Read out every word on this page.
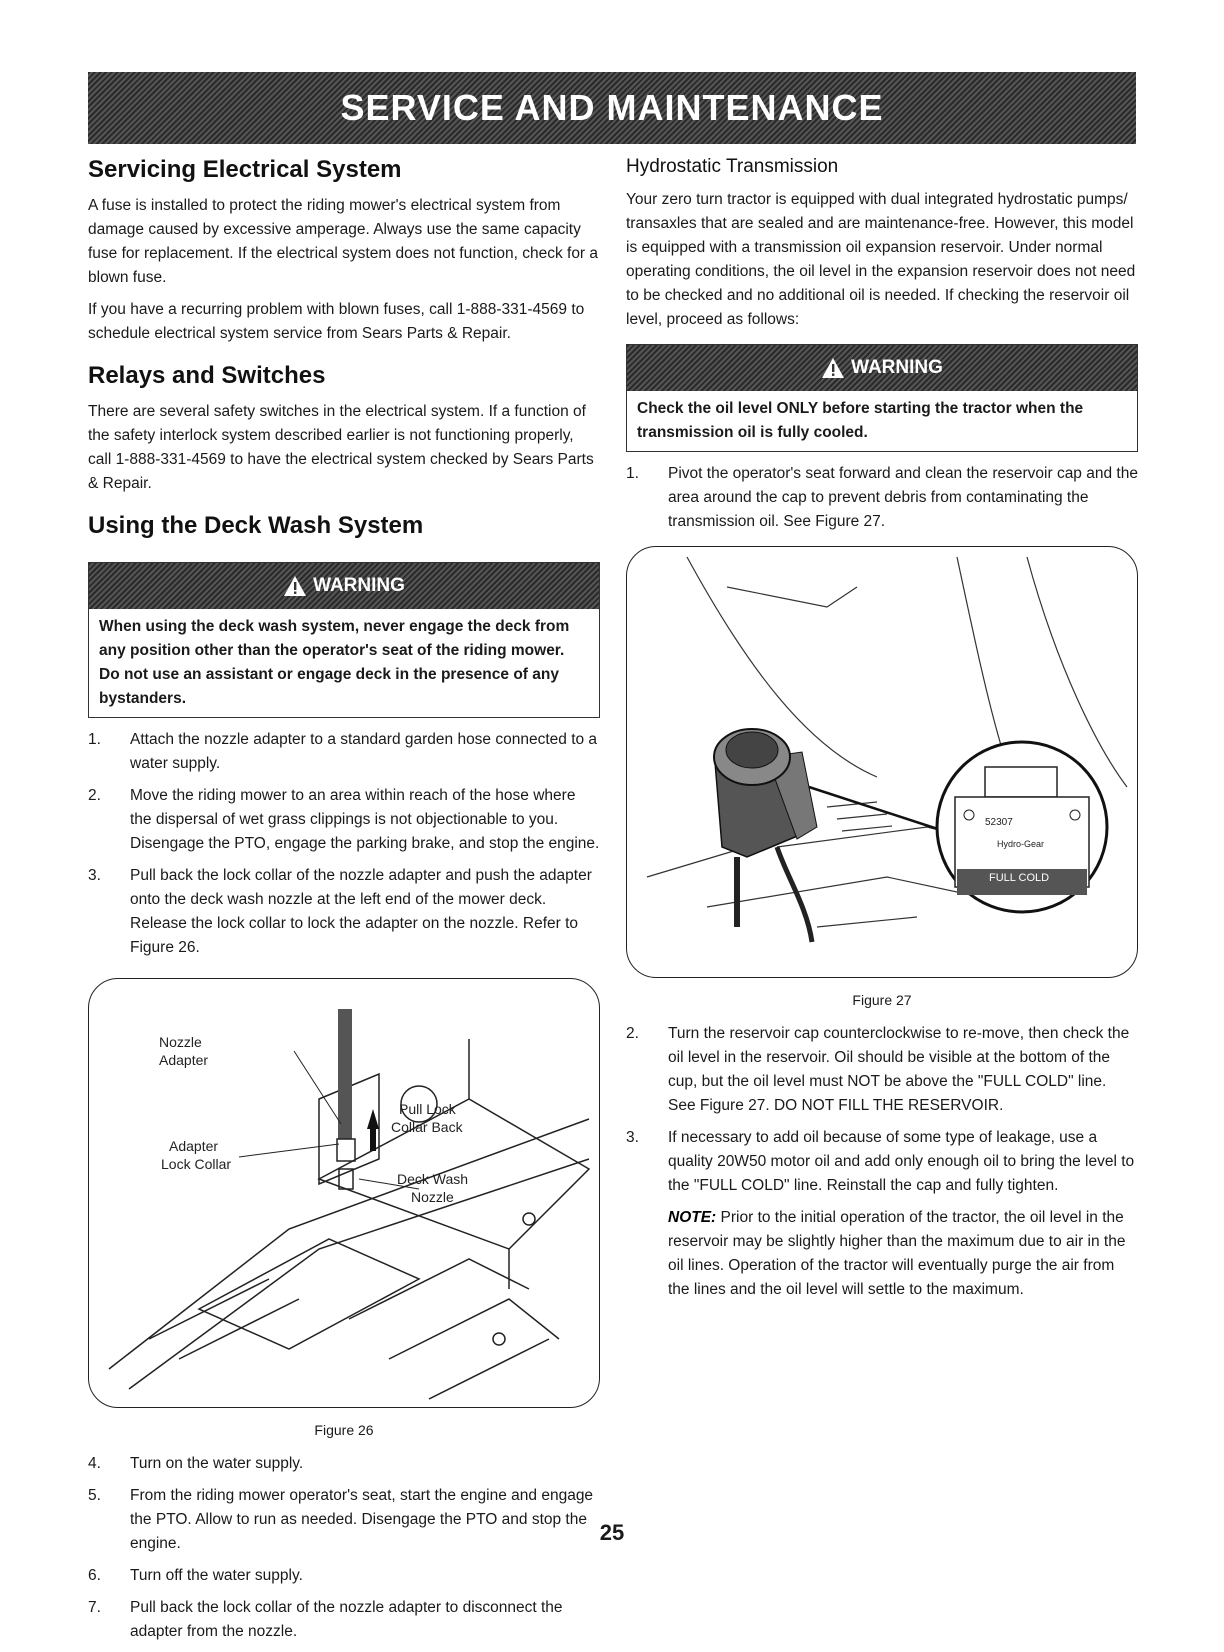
SERVICE AND MAINTENANCE
Servicing Electrical System

A fuse is installed to protect the riding mower's electrical system from damage caused by excessive amperage. Always use the same capacity fuse for replacement. If the electrical system does not function, check for a blown fuse.

If you have a recurring problem with blown fuses, call 1-888-331-4569 to schedule electrical system service from Sears Parts & Repair.

Relays and Switches

There are several safety switches in the electrical system. If a function of the safety interlock system described earlier is not functioning properly, call 1-888-331-4569 to have the electrical system checked by Sears Parts & Repair.

Using the Deck Wash System
WARNING
When using the deck wash system, never engage the deck from any position other than the operator's seat of the riding mower. Do not use an assistant or engage deck in the presence of any bystanders.
1.	Attach the nozzle adapter to a standard garden hose connected to a water supply.
2.	Move the riding mower to an area within reach of the hose where the dispersal of wet grass clippings is not objectionable to you. Disengage the PTO, engage the parking brake, and stop the engine.
3.	Pull back the lock collar of the nozzle adapter and push the adapter onto the deck wash nozzle at the left end of the mower deck. Release the lock collar to lock the adapter on the nozzle. Refer to Figure 26.
Nozzle
Adapter
Adapter
Lock Collar
Pull Lock
Collar Back
Deck Wash
Nozzle
Figure 26
4.	Turn on the water supply.
5.	From the riding mower operator's seat, start the engine and engage the PTO. Allow to run as needed. Disengage the PTO and stop the engine.
6.	Turn off the water supply.
7.	Pull back the lock collar of the nozzle adapter to disconnect the adapter from the nozzle.
Hydrostatic Transmission

Your zero turn tractor is equipped with dual integrated hydrostatic pumps/ transaxles that are sealed and are maintenance-free. However, this model is equipped with a transmission oil expansion reservoir. Under normal operating conditions, the oil level in the expansion reservoir does not need to be checked and no additional oil is needed. If checking the reservoir oil level, proceed as follows:

WARNING
Check the oil level ONLY before starting the tractor when the transmission oil is fully cooled.
1.	Pivot the operator's seat forward and clean the reservoir cap and the area around the cap to prevent debris from contaminating the transmission oil. See Figure 27.
52307
Hydro-Gear
FULL COLD
Figure 27
2.	Turn the reservoir cap counterclockwise to re-move, then check the oil level in the reservoir. Oil should be visible at the bottom of the cup, but the oil level must NOT be above the "FULL COLD" line. See Figure 27. DO NOT FILL THE RESERVOIR.
3.	If necessary to add oil because of some type of leakage, use a quality 20W50 motor oil and add only enough oil to bring the level to the "FULL COLD" line. Reinstall the cap and fully tighten.

NOTE: Prior to the initial operation of the tractor, the oil level in the reservoir may be slightly higher than the maximum due to air in the oil lines. Operation of the tractor will eventually purge the air from the lines and the oil level will settle to the maximum.

25
